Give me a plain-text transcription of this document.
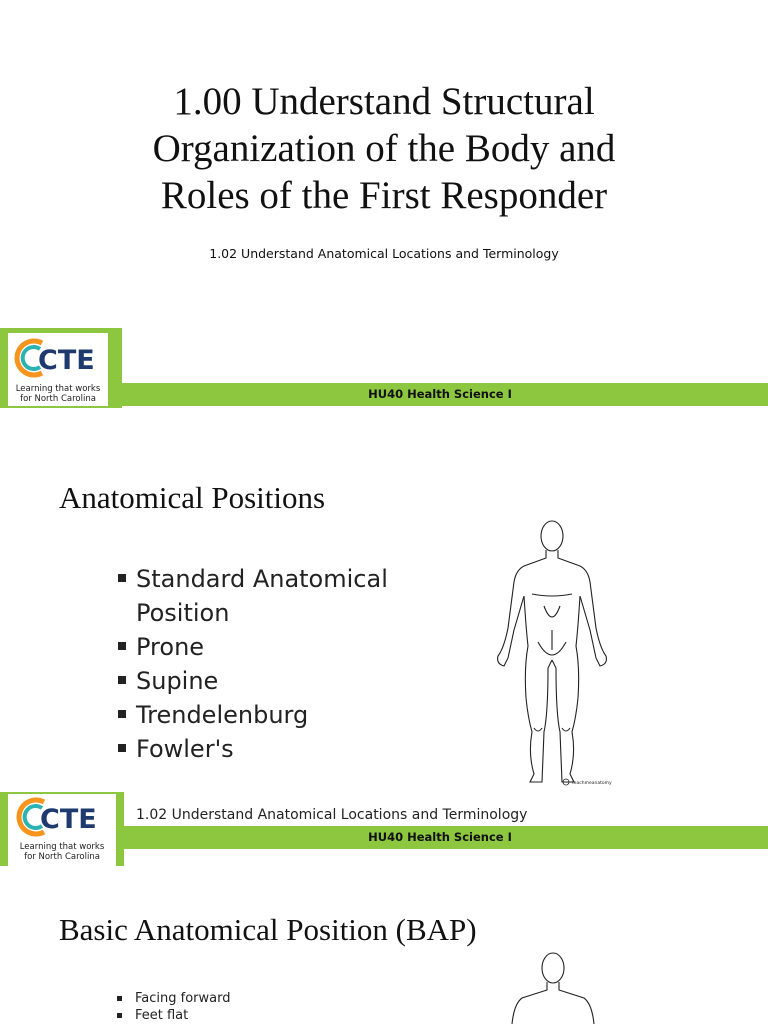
1.00 Understand Structural
Organization of the Body and
Roles of the First Responder
1.02 Understand Anatomical Locations and Terminology
HU40 Health Science I
CTE
Learning that works
for North Carolina
Anatomical Positions
Standard Anatomical Position
Prone
Supine
Trendelenburg
Fowler's
teachmeanatomy
1.02 Understand Anatomical Locations and Terminology
HU40 Health Science I
CTE
Learning that works
for North Carolina
Basic Anatomical Position (BAP)
Facing forward
Feet flat
